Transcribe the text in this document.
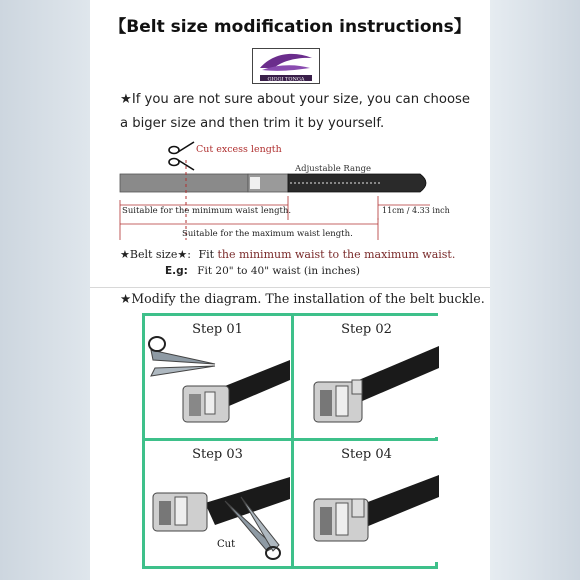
【Belt size modification instructions】
GIGGI TONGA
★If you are not sure about your size, you can choose a biger size and then trim it by yourself.
Cut excess length
Adjustable Range
Suitable for the minimum waist length.	11cm / 4.33 inch
Suitable for the maximum waist length.
★Belt size★: Fit the minimum waist to the maximum waist.
E.g: Fit 20" to 40" waist (in inches)
★Modify the diagram. The installation of the belt buckle.
Step 01	Step 02
Step 03
Cut
Step 04
